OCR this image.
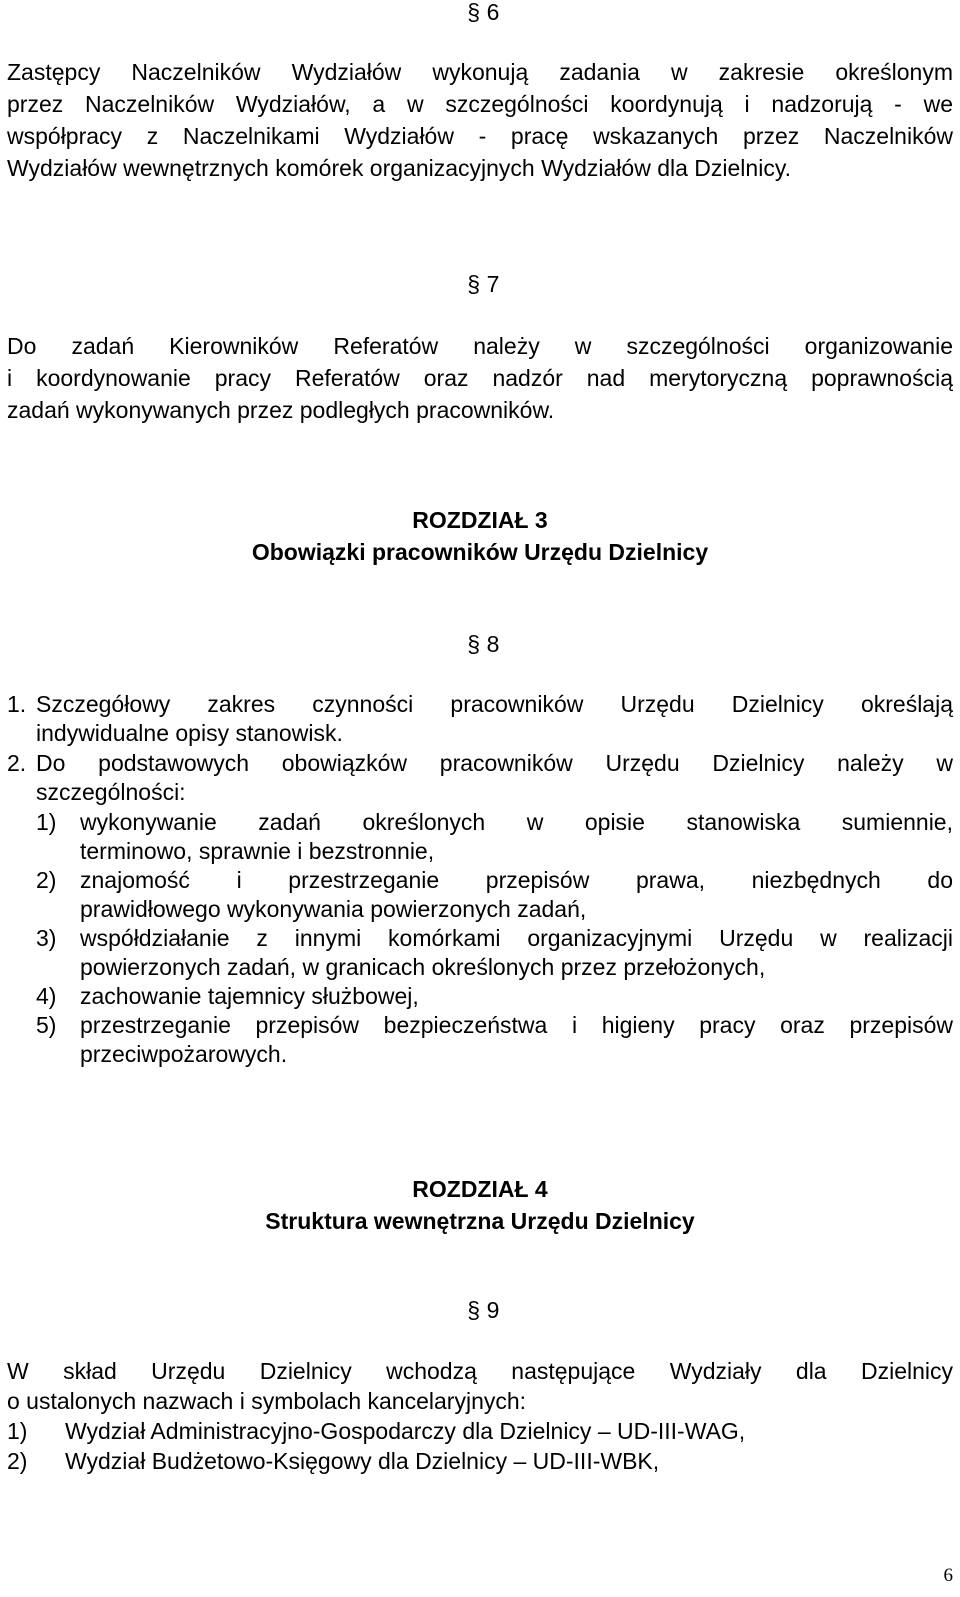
§ 6
Zastępcy Naczelników Wydziałów wykonują zadania w zakresie określonym
przez Naczelników Wydziałów, a w szczególności koordynują i nadzorują - we
współpracy z Naczelnikami Wydziałów - pracę wskazanych przez Naczelników
Wydziałów wewnętrznych komórek organizacyjnych Wydziałów dla Dzielnicy.
§ 7
Do zadań Kierowników Referatów należy w szczególności organizowanie
i koordynowanie pracy Referatów oraz nadzór nad merytoryczną poprawnością
zadań wykonywanych przez podległych pracowników.
ROZDZIAŁ 3
Obowiązki pracowników Urzędu Dzielnicy
§ 8
1. Szczegółowy zakres czynności pracowników Urzędu Dzielnicy określają
indywidualne opisy stanowisk.
2. Do podstawowych obowiązków pracowników Urzędu Dzielnicy należy w
szczególności:
1) wykonywanie zadań określonych w opisie stanowiska sumiennie,
terminowo, sprawnie i bezstronnie,
2) znajomość i przestrzeganie przepisów prawa, niezbędnych do
prawidłowego wykonywania powierzonych zadań,
3) współdziałanie z innymi komórkami organizacyjnymi Urzędu w realizacji
powierzonych zadań, w granicach określonych przez przełożonych,
4) zachowanie tajemnicy służbowej,
5) przestrzeganie przepisów bezpieczeństwa i higieny pracy oraz przepisów
przeciwpożarowych.
ROZDZIAŁ 4
Struktura wewnętrzna Urzędu Dzielnicy
§ 9
W skład Urzędu Dzielnicy wchodzą następujące Wydziały dla Dzielnicy
o ustalonych nazwach i symbolach kancelaryjnych:
1) Wydział Administracyjno-Gospodarczy dla Dzielnicy – UD-III-WAG,
2) Wydział Budżetowo-Księgowy dla Dzielnicy – UD-III-WBK,
6
